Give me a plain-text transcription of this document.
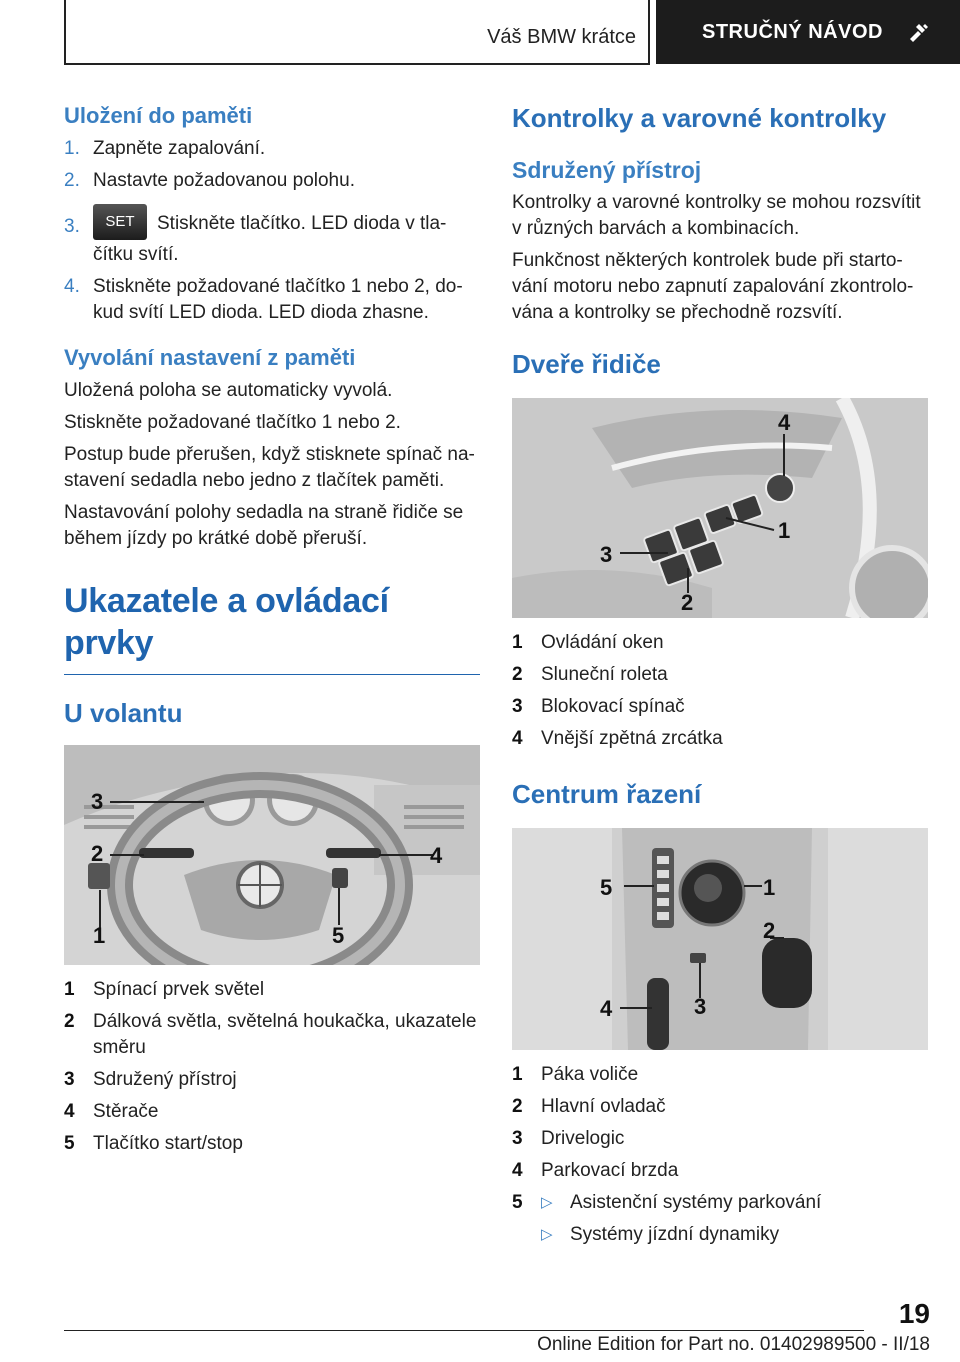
Váš BMW krátce	STRUČNÝ NÁVOD
Uložení do paměti
1. Zapněte zapalování.
2. Nastavte požadovanou polohu.
3.	SET Stiskněte tlačítko. LED dioda v tla-
čítku svítí.
4. Stiskněte požadované tlačítko 1 nebo 2, do-
kud svítí LED dioda. LED dioda zhasne.
Vyvolání nastavení z paměti

Uložená poloha se automaticky vyvolá.

Stiskněte požadované tlačítko 1 nebo 2.

Postup bude přerušen, když stisknete spínač na-
stavení sedadla nebo jedno z tlačítek paměti.

Nastavování polohy sedadla na straně řidiče se
během jízdy po krátké době přeruší.

Ukazatele a ovládací prvky
U volantu
3
2	4
1	5
1 Spínací prvek světel
2 Dálková světla, světelná houkačka, ukazatele
směru
3 Sdružený přístroj
4 Stěrače
5 Tlačítko start/stop
Kontrolky a varovné kontrolky
Sdružený přístroj

Kontrolky a varovné kontrolky se mohou rozsvítit
v různých barvách a kombinacích.

Funkčnost některých kontrolek bude při starto-
vání motoru nebo zapnutí zapalování zkontrolo-
vána a kontrolky se přechodně rozsvítí.

Dveře řidiče
4
1
3
2
1 Ovládání oken
2 Sluneční roleta
3 Blokovací spínač
4 Vnější zpětná zrcátka
Centrum řazení
5	1
2
3
4
1 Páka voliče
2 Hlavní ovladač
3 Drivelogic
4 Parkovací brzda
5	▷ Asistenční systémy parkování
▷ Systémy jízdní dynamiky
19
Online Edition for Part no. 01402989500 - II/18
